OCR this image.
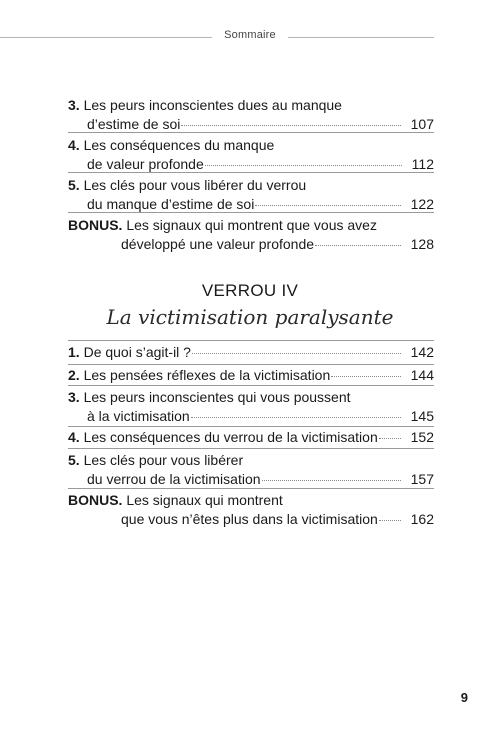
Sommaire
3. Les peurs inconscientes dues au manque
d’estime de soi	107
4. Les conséquences du manque
de valeur profonde	112
5. Les clés pour vous libérer du verrou
du manque d’estime de soi	122
BONUS. Les signaux qui montrent que vous avez
développé une valeur profonde	128
VERROU IV
La victimisation paralysante
1. De quoi s’agit-il ?	142
2. Les pensées réflexes de la victimisation	144
3. Les peurs inconscientes qui vous poussent
à la victimisation	145
4. Les conséquences du verrou de la victimisation 152
5. Les clés pour vous libérer
du verrou de la victimisation	157
BONUS. Les signaux qui montrent
que vous n’êtes plus dans la victimisation 162
9
